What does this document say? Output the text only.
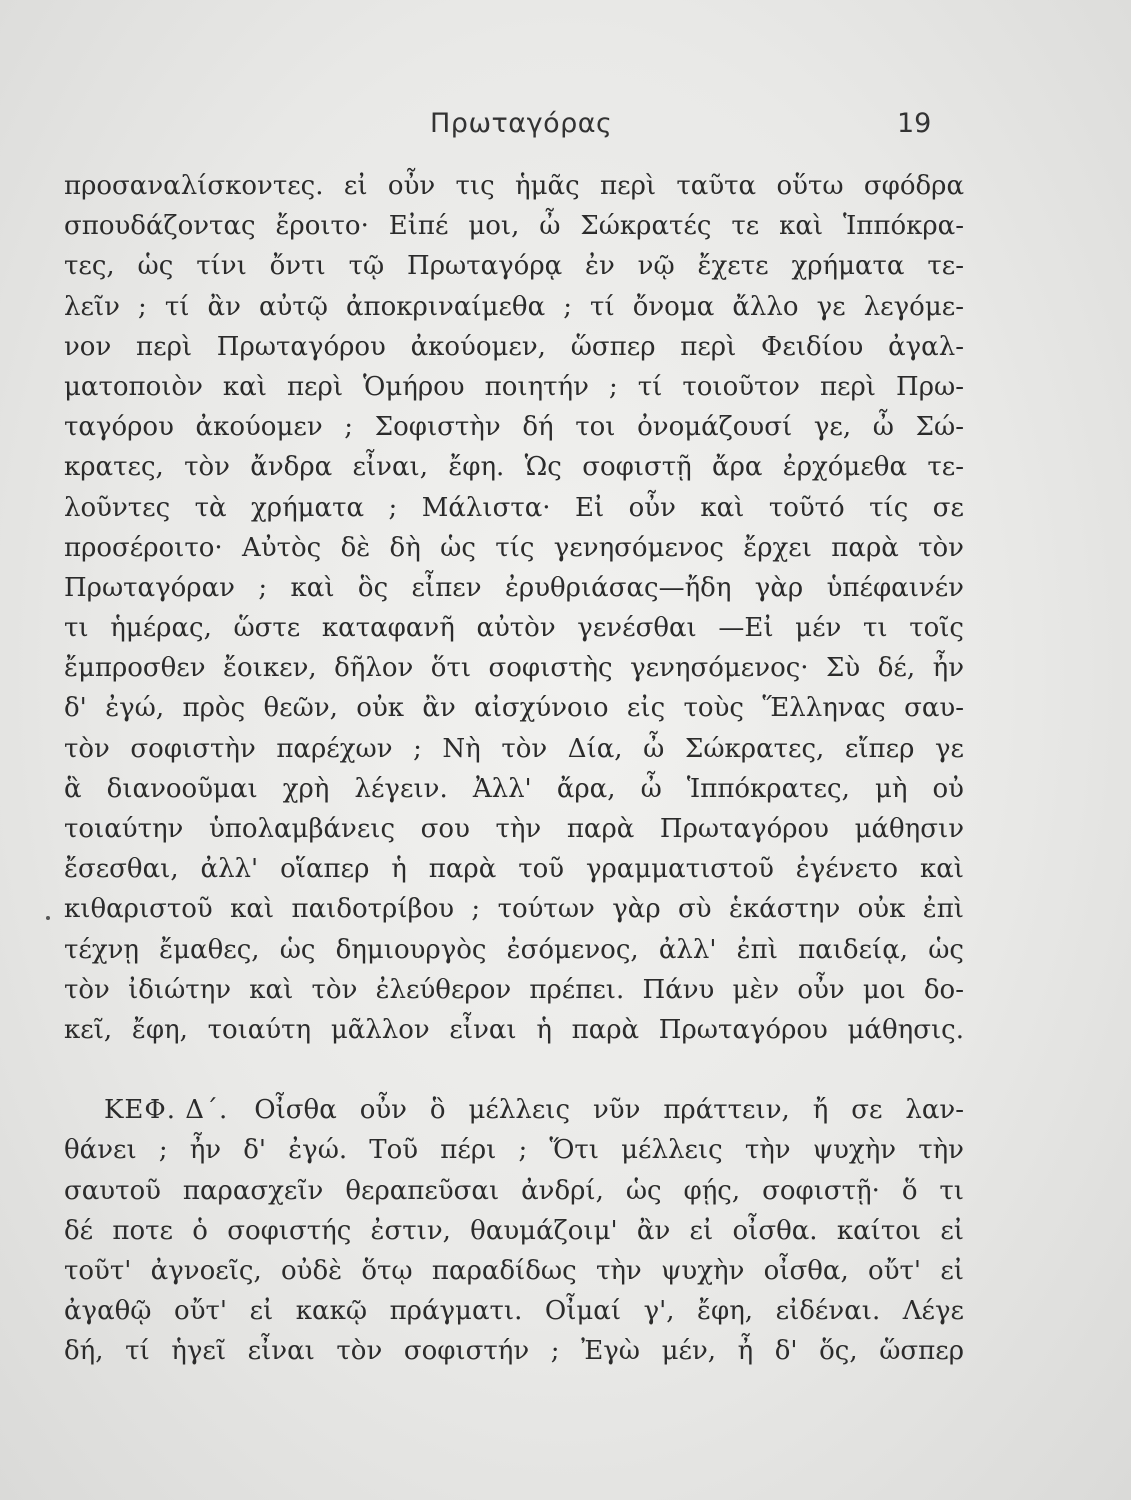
Πρωταγόρας	19
προσαναλίσκοντες. εἰ οὖν τις ἡμᾶς περὶ ταῦτα οὕτω σφόδρα
σπουδάζοντας ἔροιτο· Εἰπέ μοι, ὦ Σώκρατές τε καὶ Ἱππόκρα-
τες, ὡς τίνι ὄντι τῷ Πρωταγόρᾳ ἐν νῷ ἔχετε χρήματα τε-
λεῖν ; τί ἂν αὐτῷ ἀποκριναίμεθα ; τί ὄνομα ἄλλο γε λεγόμε-
νον περὶ Πρωταγόρου ἀκούομεν, ὥσπερ περὶ Φειδίου ἀγαλ-
ματοποιὸν καὶ περὶ Ὁμήρου ποιητήν ; τί τοιοῦτον περὶ Πρω-
ταγόρου ἀκούομεν ; Σοφιστὴν δή τοι ὀνομάζουσί γε, ὦ Σώ-
κρατες, τὸν ἄνδρα εἶναι, ἔφη. Ὡς σοφιστῇ ἄρα ἐρχόμεθα τε-
λοῦντες τὰ χρήματα ; Μάλιστα· Εἰ οὖν καὶ τοῦτό τίς σε
προσέροιτο· Αὐτὸς δὲ δὴ ὡς τίς γενησόμενος ἔρχει παρὰ τὸν
Πρωταγόραν ; καὶ ὃς εἶπεν ἐρυθριάσας—ἤδη γὰρ ὑπέφαινέν
τι ἡμέρας, ὥστε καταφανῆ αὐτὸν γενέσθαι —Εἰ μέν τι τοῖς
ἔμπροσθεν ἔοικεν, δῆλον ὅτι σοφιστὴς γενησόμενος· Σὺ δέ, ἦν
δ' ἐγώ, πρὸς θεῶν, οὐκ ἂν αἰσχύνοιο εἰς τοὺς Ἕλληνας σαυ-
τὸν σοφιστὴν παρέχων ; Νὴ τὸν Δία, ὦ Σώκρατες, εἴπερ γε
ἃ διανοοῦμαι χρὴ λέγειν. Ἀλλ' ἄρα, ὦ Ἱππόκρατες, μὴ οὐ
τοιαύτην ὑπολαμβάνεις σου τὴν παρὰ Πρωταγόρου μάθησιν
ἔσεσθαι, ἀλλ' οἵαπερ ἡ παρὰ τοῦ γραμματιστοῦ ἐγένετο καὶ
κιθαριστοῦ καὶ παιδοτρίβου ; τούτων γὰρ σὺ ἑκάστην οὐκ ἐπὶ
τέχνῃ ἔμαθες, ὡς δημιουργὸς ἐσόμενος, ἀλλ' ἐπὶ παιδείᾳ, ὡς
τὸν ἰδιώτην καὶ τὸν ἐλεύθερον πρέπει. Πάνυ μὲν οὖν μοι δο-
κεῖ, ἔφη, τοιαύτη μᾶλλον εἶναι ἡ παρὰ Πρωταγόρου μάθησις.
ΚΕΦ. Δ΄.	Οἶσθα οὖν ὃ μέλλεις νῦν πράττειν, ἤ σε λαν-
θάνει ; ἦν δ' ἐγώ. Τοῦ πέρι ; Ὅτι μέλλεις τὴν ψυχὴν τὴν
σαυτοῦ παρασχεῖν θεραπεῦσαι ἀνδρί, ὡς φῄς, σοφιστῇ· ὅ τι
δέ ποτε ὁ σοφιστής ἐστιν, θαυμάζοιμ' ἂν εἰ οἶσθα. καίτοι εἰ
τοῦτ' ἀγνοεῖς, οὐδὲ ὅτῳ παραδίδως τὴν ψυχὴν οἶσθα, οὔτ' εἰ
ἀγαθῷ οὔτ' εἰ κακῷ πράγματι. Οἶμαί γ', ἔφη, εἰδέναι. Λέγε
δή, τί ἡγεῖ εἶναι τὸν σοφιστήν ; Ἐγὼ μέν, ἦ δ' ὅς, ὥσπερ
